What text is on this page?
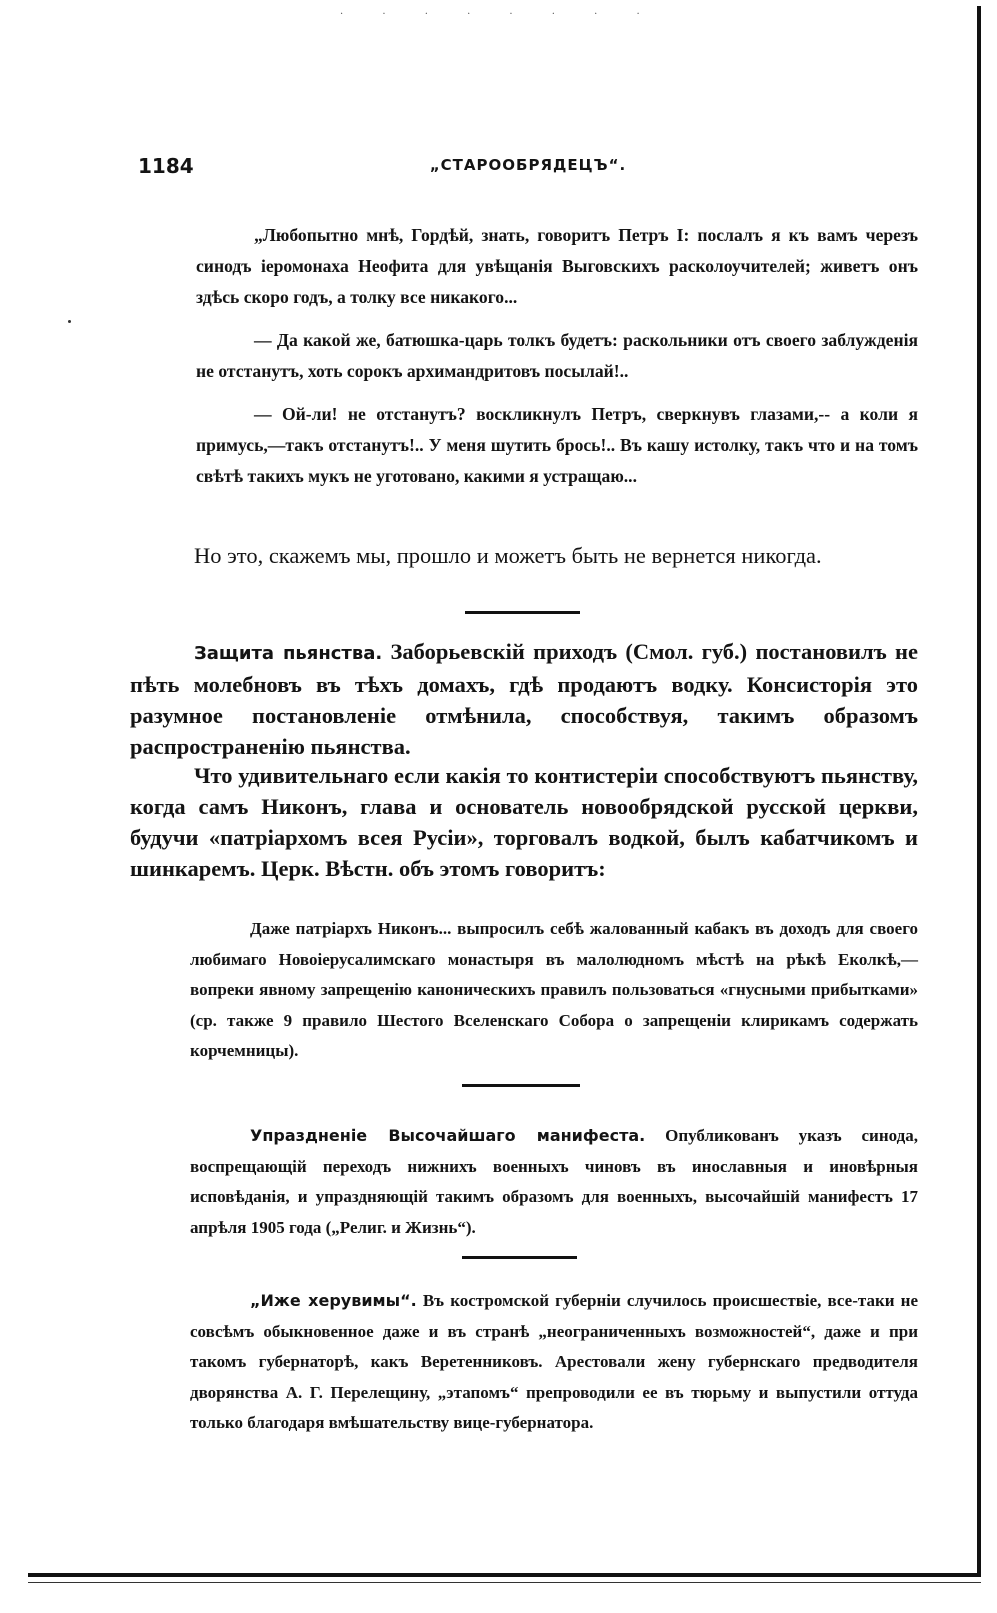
. . . . . . . .
1184	„СТАРООБРЯДЕЦЪ“.

„Любопытно мнѣ, Гордѣй, знать, говоритъ Петръ I: послалъ я къ вамъ черезъ синодъ іеромонаха Неофита для увѣщанія Выговскихъ расколоучителей; живетъ онъ здѣсь скоро годъ, а толку все никакого...

— Да какой же, батюшка-царь толкъ будетъ: раскольники отъ своего заблужденія не отстанутъ, хоть сорокъ архимандритовъ посылай!..

— Ой-ли! не отстанутъ? воскликнулъ Петръ, сверкнувъ глазами,-- а коли я примусь,—такъ отстанутъ!.. У меня шутить брось!.. Въ кашу истолку, такъ что и на томъ свѣтѣ такихъ мукъ не уготовано, какими я устращаю...

Но это, скажемъ мы, прошло и можетъ быть не вернется никогда.

Защита пьянства. Заборьевскій приходъ (Смол. губ.) постановилъ не пѣть молебновъ въ тѣхъ домахъ, гдѣ продаютъ водку. Консисторія это разумное постановленіе отмѣнила, способствуя, такимъ образомъ распространенію пьянства.

Что удивительнаго если какія то контистеріи способствуютъ пьянству, когда самъ Никонъ, глава и основатель новообрядской русской церкви, будучи «патріархомъ всея Русіи», торговалъ водкой, былъ кабатчикомъ и шинкаремъ. Церк. Вѣстн. объ этомъ говоритъ:

Даже патріархъ Никонъ... выпросилъ себѣ жалованный кабакъ въ доходъ для своего любимаго Новоіерусалимскаго монастыря въ малолюдномъ мѣстѣ на рѣкѣ Еколкѣ,—вопреки явному запрещенію каноническихъ правилъ пользоваться «гнусными прибытками» (ср. также 9 правило Шестого Вселенскаго Собора о запрещеніи клирикамъ содержать корчемницы).

Упраздненіе Высочайшаго манифеста. Опубликованъ указъ синода, воспрещающій переходъ нижнихъ военныхъ чиновъ въ инославныя и иновѣрныя исповѣданія, и упраздняющій такимъ образомъ для военныхъ, высочайшій манифестъ 17 апрѣля 1905 года („Религ. и Жизнь“).

„Иже херувимы“. Въ костромской губерніи случилось происшествіе, все-таки не совсѣмъ обыкновенное даже и въ странѣ „неограниченныхъ возможностей“, даже и при такомъ губернаторѣ, какъ Веретенниковъ. Арестовали жену губернскаго предводителя дворянства А. Г. Перелещину, „этапомъ“ препроводили ее въ тюрьму и выпустили оттуда только благодаря вмѣшательству вице-губернатора.
